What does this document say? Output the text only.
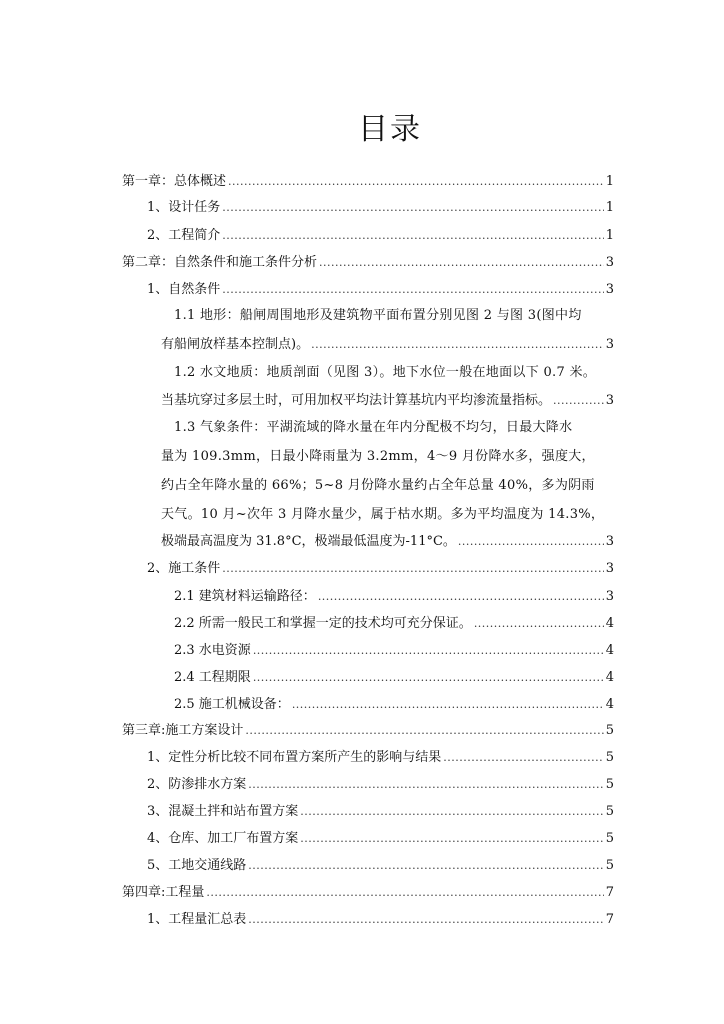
目录
第一章：总体概述 .....	1
1、设计任务 .....	1
2、工程简介 .....	1
第二章：自然条件和施工条件分析 .....	3
1、自然条件 .....	3
1.1 地形：船闸周围地形及建筑物平面布置分别见图 2 与图 3(图中均
有船闸放样基本控制点)。 .....	3
1.2 水文地质：地质剖面（见图 3）。地下水位一般在地面以下 0.7 米。
当基坑穿过多层土时，可用加权平均法计算基坑内平均渗流量指标。 .....	3
1.3 气象条件：平湖流域的降水量在年内分配极不均匀，日最大降水
量为 109.3mm，日最小降雨量为 3.2mm，4～9 月份降水多，强度大，
约占全年降水量的 66%；5~8 月份降水量约占全年总量 40%，多为阴雨
天气。10 月~次年 3 月降水量少，属于枯水期。多为平均温度为 14.3%，
极端最高温度为 31.8°C，极端最低温度为-11°C。 .....	3
2、施工条件 .....	3
2.1 建筑材料运输路径： .....	3
2.2 所需一般民工和掌握一定的技术均可充分保证。 .....	4
2.3 水电资源 .....	4
2.4 工程期限 .....	4
2.5 施工机械设备： .....	4
第三章:施工方案设计 .....	5
1、定性分析比较不同布置方案所产生的影响与结果 .....	5
2、防渗排水方案 .....	5
3、混凝土拌和站布置方案 .....	5
4、仓库、加工厂布置方案 .....	5
5、工地交通线路 .....	5
第四章:工程量 .....	7
1、工程量汇总表 .....	7
